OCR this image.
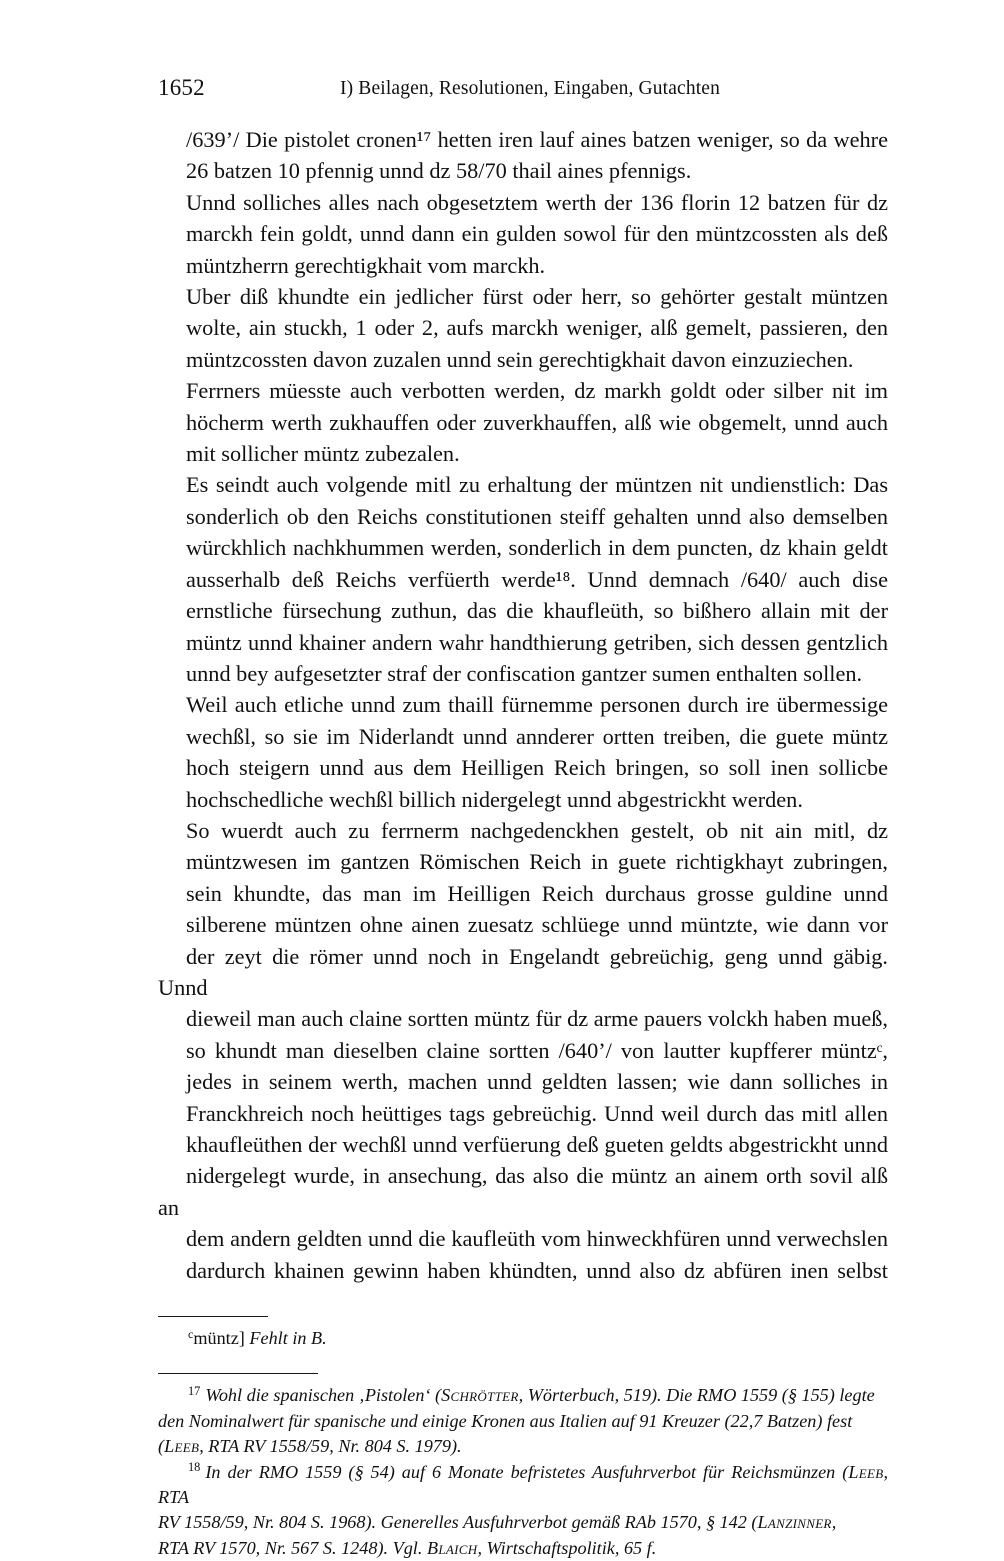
1652	I) Beilagen, Resolutionen, Eingaben, Gutachten

/639’/ Die pistolet cronen¹⁷ hetten iren lauf aines batzen weniger, so da wehre
26 batzen 10 pfennig unnd dz 58/70 thail aines pfennigs.

Unnd solliches alles nach obgesetztem werth der 136 florin 12 batzen für dz
marckh fein goldt, unnd dann ein gulden sowol für den müntzcossten als deß
müntzherrn gerechtigkhait vom marckh.

Uber diß khundte ein jedlicher fürst oder herr, so gehörter gestalt müntzen
wolte, ain stuckh, 1 oder 2, aufs marckh weniger, alß gemelt, passieren, den
müntzcossten davon zuzalen unnd sein gerechtigkhait davon einzuziechen.

Ferrners müesste auch verbotten werden, dz markh goldt oder silber nit im
höcherm werth zukhauffen oder zuverkhauffen, alß wie obgemelt, unnd auch
mit sollicher müntz zubezalen.

Es seindt auch volgende mitl zu erhaltung der müntzen nit undienstlich: Das
sonderlich ob den Reichs constitutionen steiff gehalten unnd also demselben
würckhlich nachkhummen werden, sonderlich in dem puncten, dz khain geldt
ausserhalb deß Reichs verfüerth werde¹⁸. Unnd demnach /640/ auch dise
ernstliche fürsechung zuthun, das die khaufleüth, so bißhero allain mit der
müntz unnd khainer andern wahr handthierung getriben, sich dessen gentzlich
unnd bey aufgesetzter straf der confiscation gantzer sumen enthalten sollen.

Weil auch etliche unnd zum thaill fürnemme personen durch ire übermessige
wechßl, so sie im Niderlandt unnd annderer ortten treiben, die guete müntz
hoch steigern unnd aus dem Heilligen Reich bringen, so soll inen sollicbe
hochschedliche wechßl billich nidergelegt unnd abgestrickht werden.

So wuerdt auch zu ferrnerm nachgedenckhen gestelt, ob nit ain mitl, dz
müntzwesen im gantzen Römischen Reich in guete richtigkhayt zubringen,
sein khundte, das man im Heilligen Reich durchaus grosse guldine unnd
silberene müntzen ohne ainen zuesatz schlüege unnd müntzte, wie dann vor
der zeyt die römer unnd noch in Engelandt gebreüchig, geng unnd gäbig. Unnd
dieweil man auch claine sortten müntz für dz arme pauers volckh haben mueß,
so khundt man dieselben claine sortten /640’/ von lautter kupfferer müntzᶜ,
jedes in seinem werth, machen unnd geldten lassen; wie dann solliches in
Franckhreich noch heüttiges tags gebreüchig. Unnd weil durch das mitl allen
khaufleüthen der wechßl unnd verfüerung deß gueten geldts abgestrickht unnd
nidergelegt wurde, in ansechung, das also die müntz an ainem orth sovil alß an
dem andern geldten unnd die kaufleüth vom hinweckhfüren unnd verwechslen
dardurch khainen gewinn haben khündten, unnd also dz abfüren inen selbst

$^c$müntz] Fehlt in B.

$^{17}$ Wohl die spanischen ‚Pistolen‘ (Schrötter, Wörterbuch, 519). Die RMO 1559 (§ 155) legte
den Nominalwert für spanische und einige Kronen aus Italien auf 91 Kreuzer (22,7 Batzen) fest
(Leeb, RTA RV 1558/59, Nr. 804 S. 1979).

$^{18}$ In der RMO 1559 (§ 54) auf 6 Monate befristetes Ausfuhrverbot für Reichsmünzen (Leeb, RTA
RV 1558/59, Nr. 804 S. 1968). Generelles Ausfuhrverbot gemäß RAb 1570, § 142 (Lanzinner,
RTA RV 1570, Nr. 567 S. 1248). Vgl. Blaich, Wirtschaftspolitik, 65 f.
